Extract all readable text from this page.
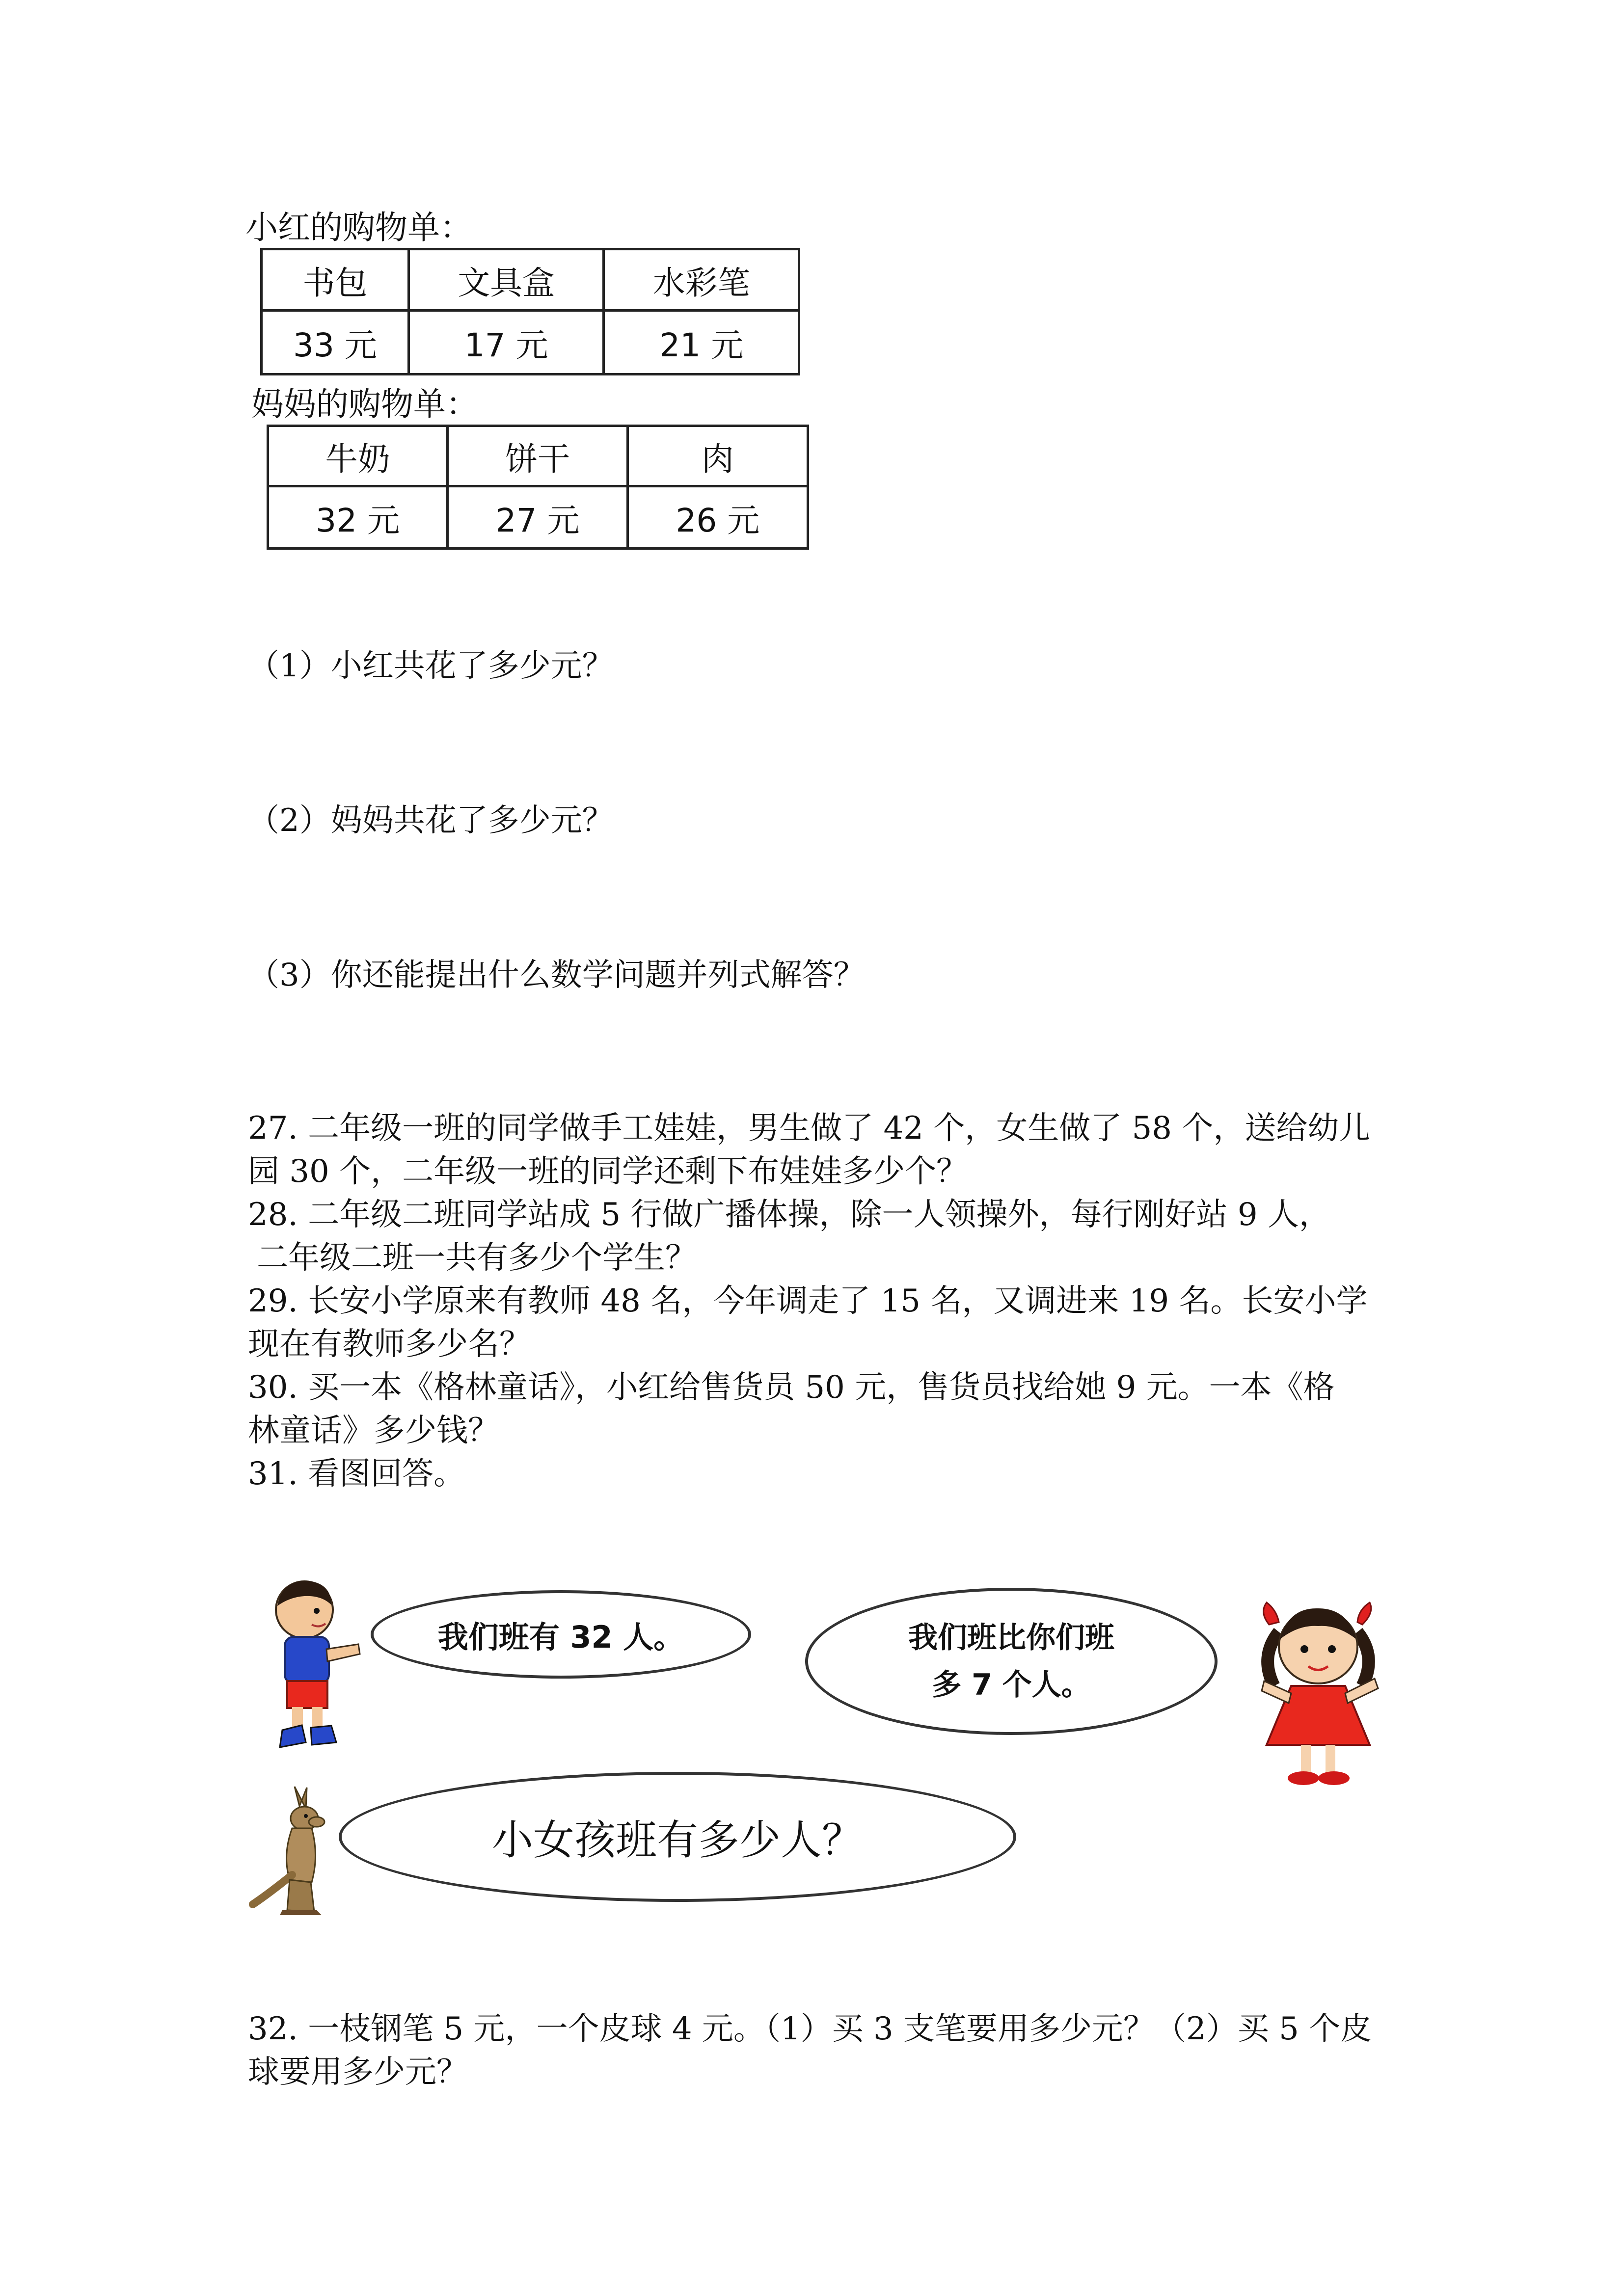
小红的购物单：
书包	文具盒	水彩笔
33 元	17 元	21 元
妈妈的购物单：
牛奶	饼干	肉
32 元	27 元	26 元
（1）小红共花了多少元？
（2）妈妈共花了多少元？
（3）你还能提出什么数学问题并列式解答？

27. 二年级一班的同学做手工娃娃，男生做了 42 个，女生做了 58 个，送给幼儿

园 30 个，二年级一班的同学还剩下布娃娃多少个？

28. 二年级二班同学站成 5 行做广播体操，除一人领操外，每行刚好站 9 人，

二年级二班一共有多少个学生？

29. 长安小学原来有教师 48 名，今年调走了 15 名，又调进来 19 名。长安小学

现在有教师多少名？

30. 买一本《格林童话》，小红给售货员 50 元，售货员找给她 9 元。一本《格

林童话》多少钱？

31. 看图回答。

我们班有 32 人。	我们班比你们班
多 7 个人。
小女孩班有多少人？

32. 一枝钢笔 5 元，一个皮球 4 元。（1）买 3 支笔要用多少元？（2）买 5 个皮

球要用多少元？
